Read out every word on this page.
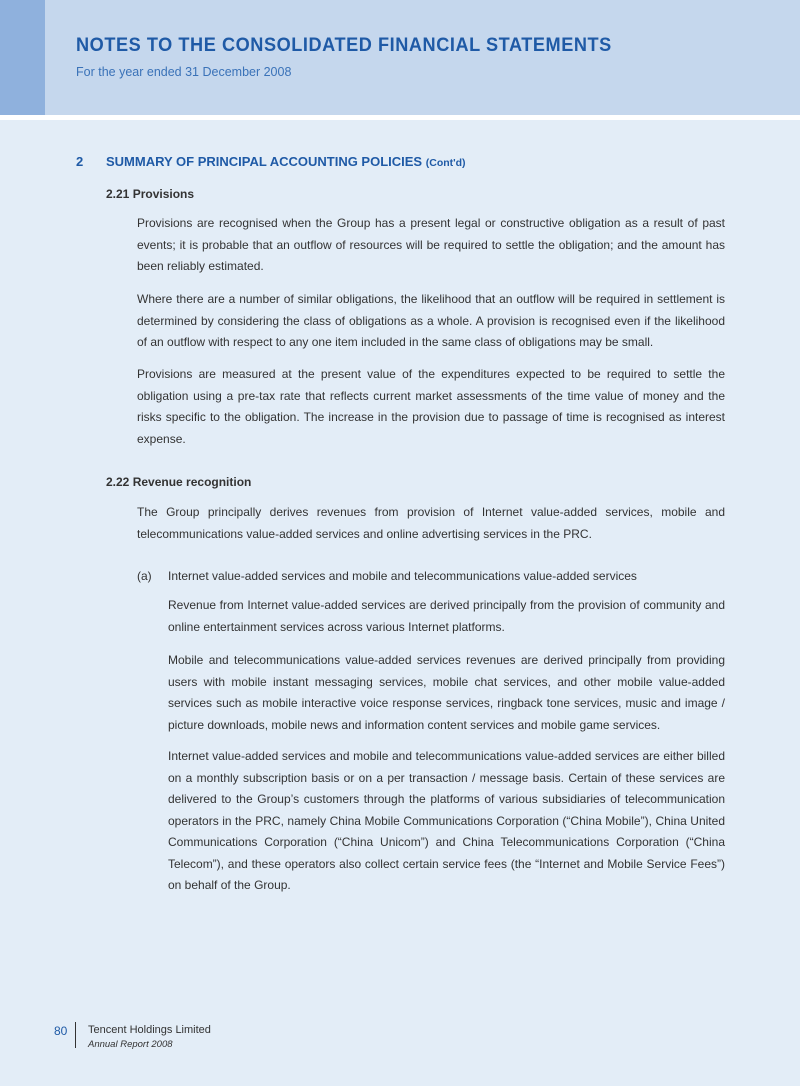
NOTES TO THE CONSOLIDATED FINANCIAL STATEMENTS
For the year ended 31 December 2008
2 SUMMARY OF PRINCIPAL ACCOUNTING POLICIES (Cont'd)
2.21 Provisions
Provisions are recognised when the Group has a present legal or constructive obligation as a result of past events; it is probable that an outflow of resources will be required to settle the obligation; and the amount has been reliably estimated.
Where there are a number of similar obligations, the likelihood that an outflow will be required in settlement is determined by considering the class of obligations as a whole. A provision is recognised even if the likelihood of an outflow with respect to any one item included in the same class of obligations may be small.
Provisions are measured at the present value of the expenditures expected to be required to settle the obligation using a pre-tax rate that reflects current market assessments of the time value of money and the risks specific to the obligation. The increase in the provision due to passage of time is recognised as interest expense.
2.22 Revenue recognition
The Group principally derives revenues from provision of Internet value-added services, mobile and telecommunications value-added services and online advertising services in the PRC.
(a) Internet value-added services and mobile and telecommunications value-added services
Revenue from Internet value-added services are derived principally from the provision of community and online entertainment services across various Internet platforms.
Mobile and telecommunications value-added services revenues are derived principally from providing users with mobile instant messaging services, mobile chat services, and other mobile value-added services such as mobile interactive voice response services, ringback tone services, music and image / picture downloads, mobile news and information content services and mobile game services.
Internet value-added services and mobile and telecommunications value-added services are either billed on a monthly subscription basis or on a per transaction / message basis. Certain of these services are delivered to the Group’s customers through the platforms of various subsidiaries of telecommunication operators in the PRC, namely China Mobile Communications Corporation (“China Mobile”), China United Communications Corporation (“China Unicom”) and China Telecommunications Corporation (“China Telecom”), and these operators also collect certain service fees (the “Internet and Mobile Service Fees”) on behalf of the Group.
80 Tencent Holdings Limited
Annual Report 2008
